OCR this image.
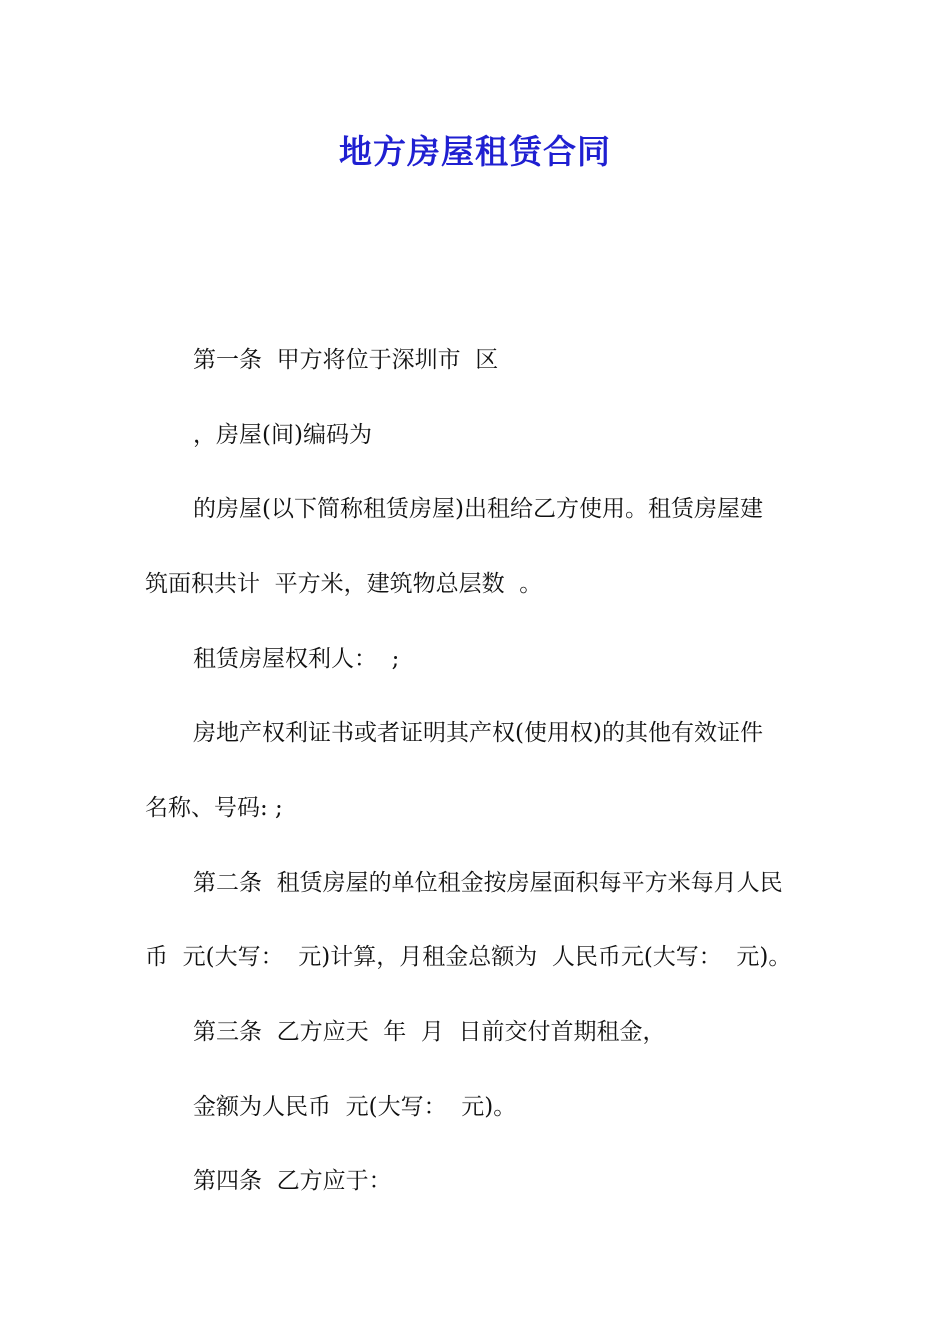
地方房屋租赁合同
第一条  甲方将位于深圳市  区
，房屋(间)编码为
的房屋(以下简称租赁房屋)出租给乙方使用。租赁房屋建
筑面积共计  平方米，建筑物总层数  。
租赁房屋权利人：  ;
房地产权利证书或者证明其产权(使用权)的其他有效证件
名称、号码: ;
第二条  租赁房屋的单位租金按房屋面积每平方米每月人民
币  元(大写：  元)计算，月租金总额为  人民币元(大写：  元)。
第三条  乙方应天  年  月  日前交付首期租金，
金额为人民币  元(大写：  元)。
第四条  乙方应于：
